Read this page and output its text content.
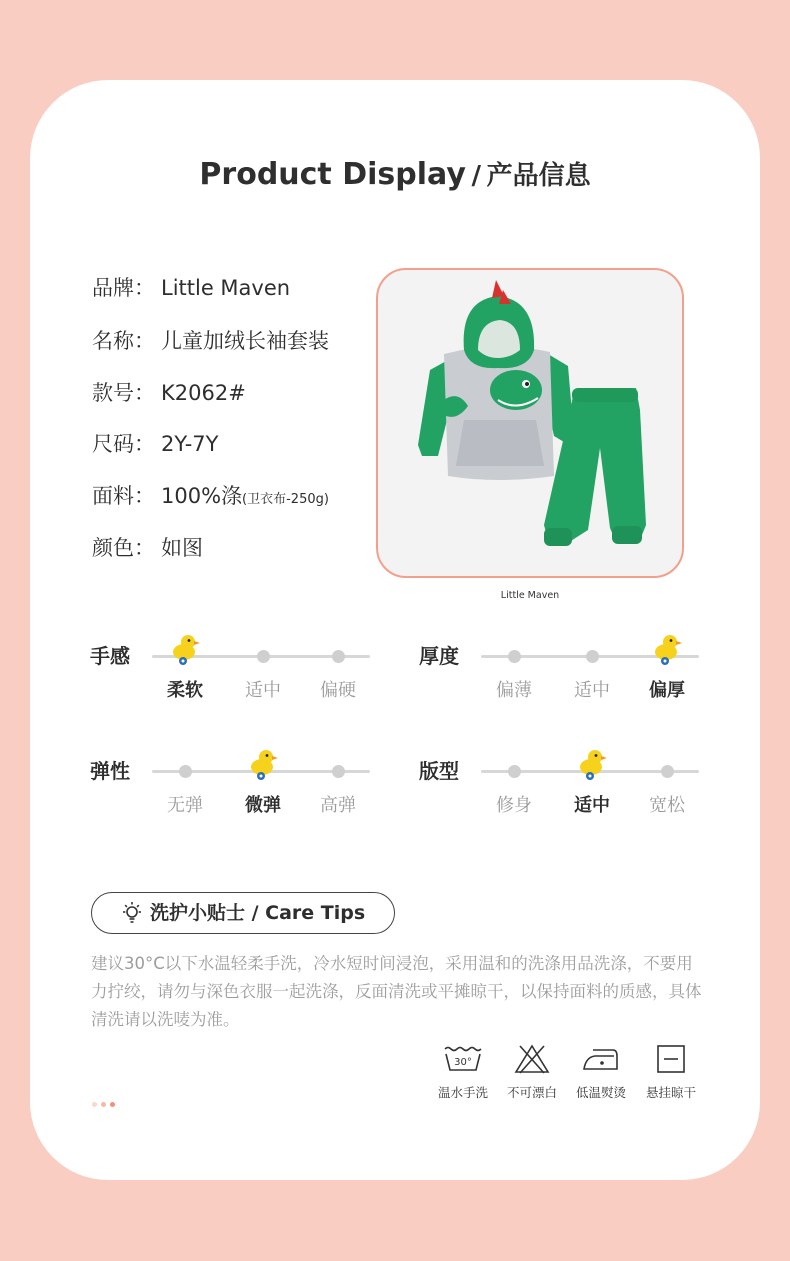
Product Display / 产品信息
品牌： Little Maven
名称： 儿童加绒长袖套装
款号： K2062#
尺码： 2Y-7Y
面料： 100%涤(卫衣布-250g)
颜色： 如图
Little Maven
手感
柔软	适中	偏硬
厚度
偏薄	适中	偏厚
弹性
无弹	微弹	高弹
版型
修身	适中	宽松
洗护小贴士 / Care Tips
建议30°C以下水温轻柔手洗，冷水短时间浸泡，采用温和的洗涤用品洗涤，不要用力拧绞，请勿与深色衣服一起洗涤，反面清洗或平摊晾干，以保持面料的质感，具体清洗请以洗唛为准。
30°
温水手洗	不可漂白	低温熨烫	悬挂晾干
